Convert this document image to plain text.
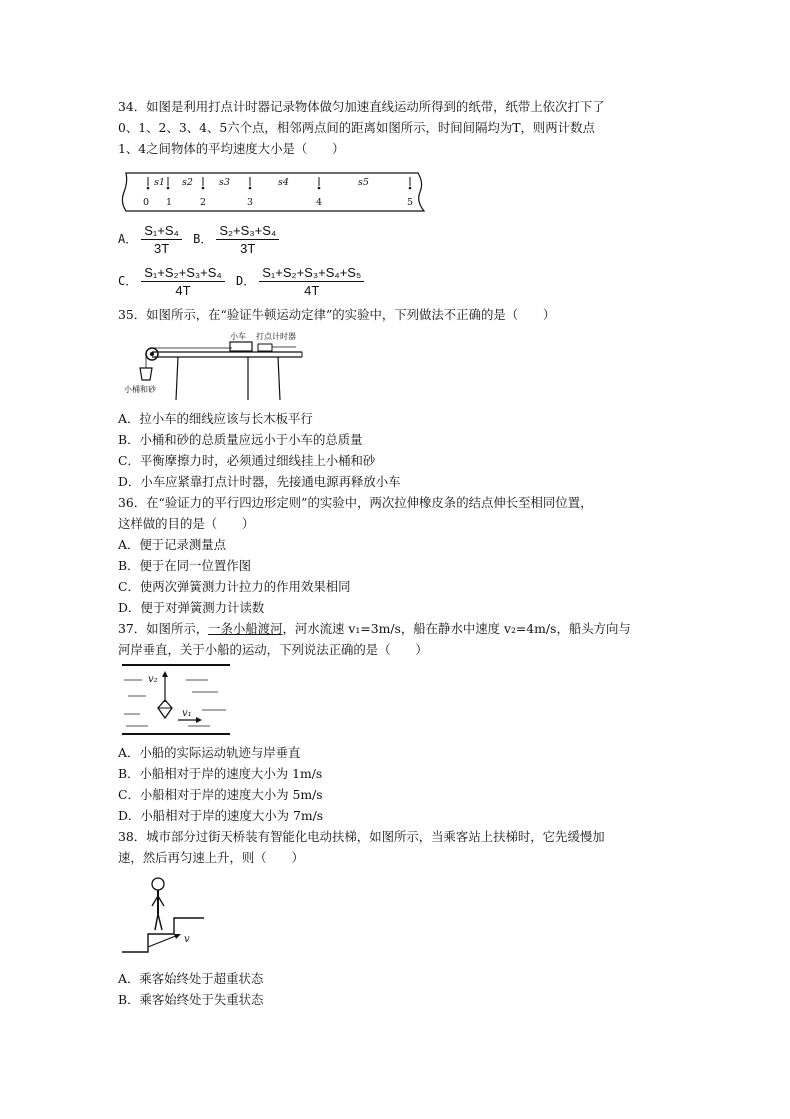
34．如图是利用打点计时器记录物体做匀加速直线运动所得到的纸带，纸带上依次打下了
0、1、2、3、4、5六个点，相邻两点间的距离如图所示，时间间隔均为T，则两计数点
1、4之间物体的平均速度大小是（　　）
s1 s2	s3	s4	s5
0 1	2	3	4	5
A． $\frac{\text{S₁+S₄}}{3T}$ B． $\frac{\text{S₂+S₃+S₄}}{3T}$
C． $\frac{\text{S₁+S₂+S₃+S₄}}{4T}$ D． $\frac{\text{S₁+S₂+S₃+S₄+S₅}}{4T}$
35．如图所示，在“验证牛顿运动定律”的实验中，下列做法不正确的是（　　）
小车 打点计时器
小桶和砂
A．拉小车的细线应该与长木板平行
B．小桶和砂的总质量应远小于小车的总质量
C．平衡摩擦力时，必须通过细线挂上小桶和砂
D．小车应紧靠打点计时器，先接通电源再释放小车
36．在“验证力的平行四边形定则”的实验中，两次拉伸橡皮条的结点伸长至相同位置，
这样做的目的是（　　）
A．便于记录测量点
B．便于在同一位置作图
C．使两次弹簧测力计拉力的作用效果相同
D．便于对弹簧测力计读数
37．如图所示，一条小船渡河，河水流速 v₁=3m/s，船在静水中速度 v₂=4m/s，船头方向与
河岸垂直，关于小船的运动，下列说法正确的是（　　）
v₂
v₁
A．小船的实际运动轨迹与岸垂直
B．小船相对于岸的速度大小为 1m/s
C．小船相对于岸的速度大小为 5m/s
D．小船相对于岸的速度大小为 7m/s
38．城市部分过街天桥装有智能化电动扶梯，如图所示，当乘客站上扶梯时，它先缓慢加
速，然后再匀速上升，则（　　）
v
A．乘客始终处于超重状态
B．乘客始终处于失重状态
